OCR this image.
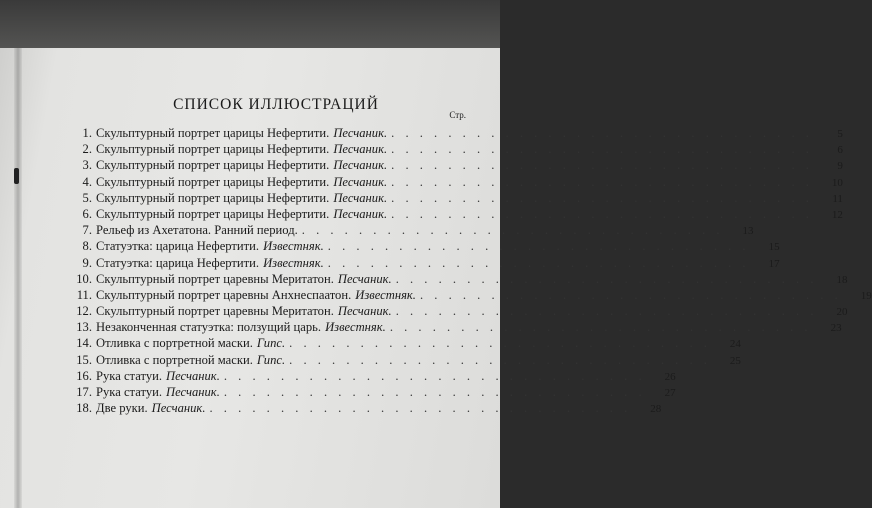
СПИСОК ИЛЛЮСТРАЦИЙ
Стр.
1. Скульптурный портрет царицы Нефертити. Песчаник. . . . . . . . . . . . . . . . . . . . . . . . . . . . . . .	5
2. Скульптурный портрет царицы Нефертити. Песчаник. . . . . . . . . . . . . . . . . . . . . . . . . . . . . . .	6
3. Скульптурный портрет царицы Нефертити. Песчаник. . . . . . . . . . . . . . . . . . . . . . . . . . . . . . .	9
4. Скульптурный портрет царицы Нефертити. Песчаник. . . . . . . . . . . . . . . . . . . . . . . . . . . . . . .	10
5. Скульптурный портрет царицы Нефертити. Песчаник. . . . . . . . . . . . . . . . . . . . . . . . . . . . . . .	11
6. Скульптурный портрет царицы Нефертити. Песчаник. . . . . . . . . . . . . . . . . . . . . . . . . . . . . . .	12
7. Рельеф из Ахетатона. Ранний период. . . . . . . . . . . . . . . . . . . . . . . . . . . . . . .	13
8. Статуэтка: царица Нефертити. Известняк. . . . . . . . . . . . . . . . . . . . . . . . . . . . . . .	15
9. Статуэтка: царица Нефертити. Известняк. . . . . . . . . . . . . . . . . . . . . . . . . . . . . . .	17
10. Скульптурный портрет царевны Меритатон. Песчаник. . . . . . . . . . . . . . . . . . . . . . . . . . . . . . .	18
11. Скульптурный портрет царевны Анхнеспаатон. Известняк. . . . . . . . . . . . . . . . . . . . . . . . . . . . . . .	19
12. Скульптурный портрет царевны Меритатон. Песчаник. . . . . . . . . . . . . . . . . . . . . . . . . . . . . . .	20
13. Незаконченная статуэтка: ползущий царь. Известняк. . . . . . . . . . . . . . . . . . . . . . . . . . . . . . .	23
14. Отливка с портретной маски. Гипс. . . . . . . . . . . . . . . . . . . . . . . . . . . . . . .	24
15. Отливка с портретной маски. Гипс. . . . . . . . . . . . . . . . . . . . . . . . . . . . . . .	25
16. Рука статуи. Песчаник. . . . . . . . . . . . . . . . . . . . . . . . . . . . . . .	26
17. Рука статуи. Песчаник. . . . . . . . . . . . . . . . . . . . . . . . . . . . . . .	27
18. Две руки. Песчаник. . . . . . . . . . . . . . . . . . . . . . . . . . . . . . .	28
